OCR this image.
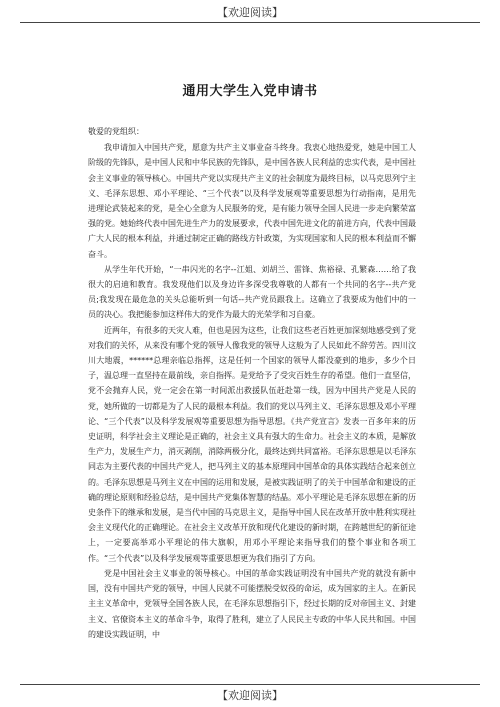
【欢迎阅读】
通用大学生入党申请书

敬爱的党组织：

我申请加入中国共产党，愿意为共产主义事业奋斗终身。我衷心地热爱党，她是中国工人阶级的先锋队，是中国人民和中华民族的先锋队，是中国各族人民利益的忠实代表，是中国社会主义事业的领导核心。中国共产党以实现共产主义的社会制度为最终目标，以马克思列宁主义、毛泽东思想、邓小平理论、“三个代表”以及科学发展观等重要思想为行动指南，是用先进理论武装起来的党，是全心全意为人民服务的党，是有能力领导全国人民进一步走向繁荣富强的党。她始终代表中国先进生产力的发展要求，代表中国先进文化的前进方向，代表中国最广大人民的根本利益，并通过制定正确的路线方针政策，为实现国家和人民的根本利益而不懈奋斗。

从学生年代开始，“一串闪光的名字--江姐、刘胡兰、雷锋、焦裕禄、孔繁森……给了我很大的启迪和教育。我发现他们以及身边许多深受我尊敬的人都有一个共同的名字--共产党员;我发现在最危急的关头总能听到一句话--共产党员跟我上。这确立了我要成为他们中的一员的决心。我把能参加这样伟大的党作为最大的光荣学和习自豪。

近两年，有很多的天灾人难，但也是因为这些，让我们这些老百姓更加深刻地感受到了党对我们的关怀，从来没有哪个党的领导人像我党的领导人这般为了人民如此不辞劳苦。四川汶川大地震，******总理亲临总指挥，这是任何一个国家的领导人都没豪到的地步，多少个日子，温总理一直坚持在最前线，亲自指挥。是党给予了受灾百姓生存的希望。他们一直坚信，党不会抛弃人民，党一定会在第一时间派出救援队伍赶赴第一线，因为中国共产党是人民的党，她所做的一切都是为了人民的最根本利益。我们的党以马列主义、毛泽东思想及邓小平理论、“三个代表”以及科学发展观等重要思想为指导思想。《共产党宣言》发表一百多年来的历史证明，科学社会主义理论是正确的，社会主义具有强大的生命力。社会主义的本质，是解放生产力，发展生产力，消灭剥削，消除两极分化，最终达到共同富裕。毛泽东思想是以毛泽东同志为主要代表的中国共产党人，把马列主义的基本原理同中国革命的具体实践结合起来创立的。毛泽东思想是马列主义在中国的运用和发展，是被实践证明了的关于中国革命和建设的正确的理论原则和经验总结，是中国共产党集体智慧的结晶。邓小平理论是毛泽东思想在新的历史条件下的继承和发展，是当代中国的马克思主义，是指导中国人民在改革开放中胜利实现社会主义现代化的正确理论。在社会主义改革开放和现代化建设的新时期，在跨越世纪的新征途上，一定要高举邓小平理论的伟大旗帜，用邓小平理论来指导我们的整个事业和各项工作。“三个代表”以及科学发展观等重要思想更为我们指引了方向。

党是中国社会主义事业的领导核心。中国的革命实践证明没有中国共产党的就没有新中国，没有中国共产党的领导，中国人民就不可能摆脱受奴役的命运，成为国家的主人。在新民主主义革命中，党领导全国各族人民，在毛泽东思想指引下，经过长期的反对帝国主义、封建主义、官僚资本主义的革命斗争，取得了胜利，建立了人民民主专政的中华人民共和国。中国的建设实践证明，中

【欢迎阅读】
